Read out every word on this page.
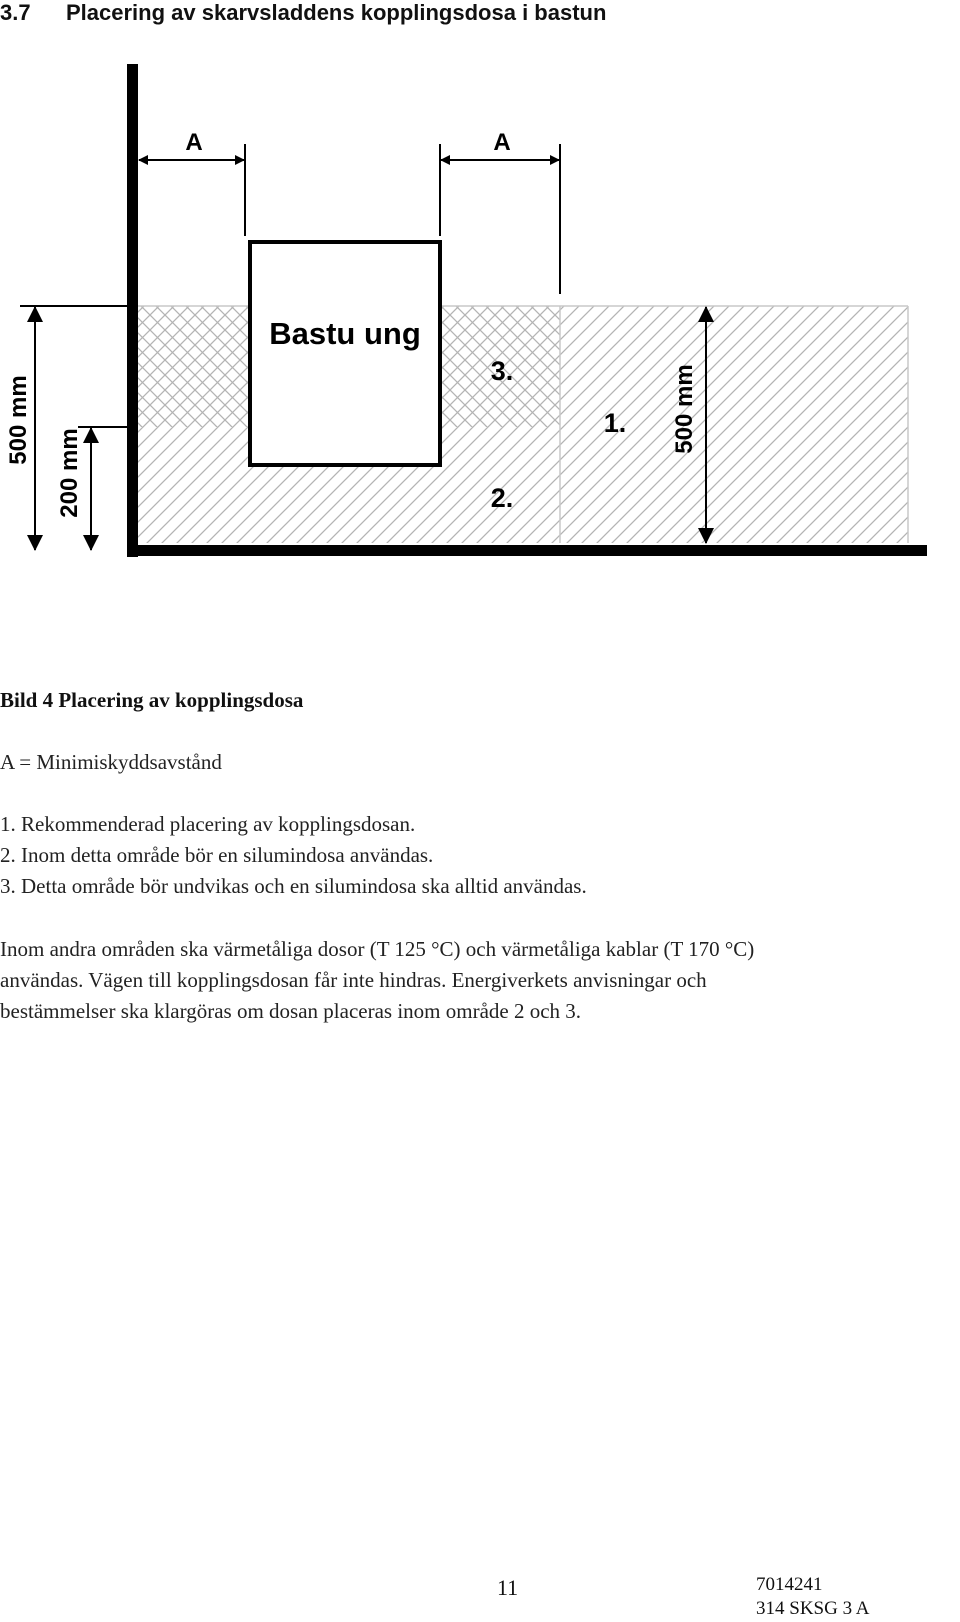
3.7 Placering av skarvsladdens kopplingsdosa i bastun
Bastu ung
A	A
3.
1.
2.
500 mm
200 mm
500 mm
Bild 4 Placering av kopplingsdosa
A = Minimiskyddsavstånd
1. Rekommenderad placering av kopplingsdosan.
2. Inom detta område bör en silumindosa användas.
3. Detta område bör undvikas och en silumindosa ska alltid användas.
Inom andra områden ska värmetåliga dosor (T 125 °C) och värmetåliga kablar (T 170 °C)
användas. Vägen till kopplingsdosan får inte hindras. Energiverkets anvisningar och
bestämmelser ska klargöras om dosan placeras inom område 2 och 3.
11	7014241
314 SKSG 3 A
